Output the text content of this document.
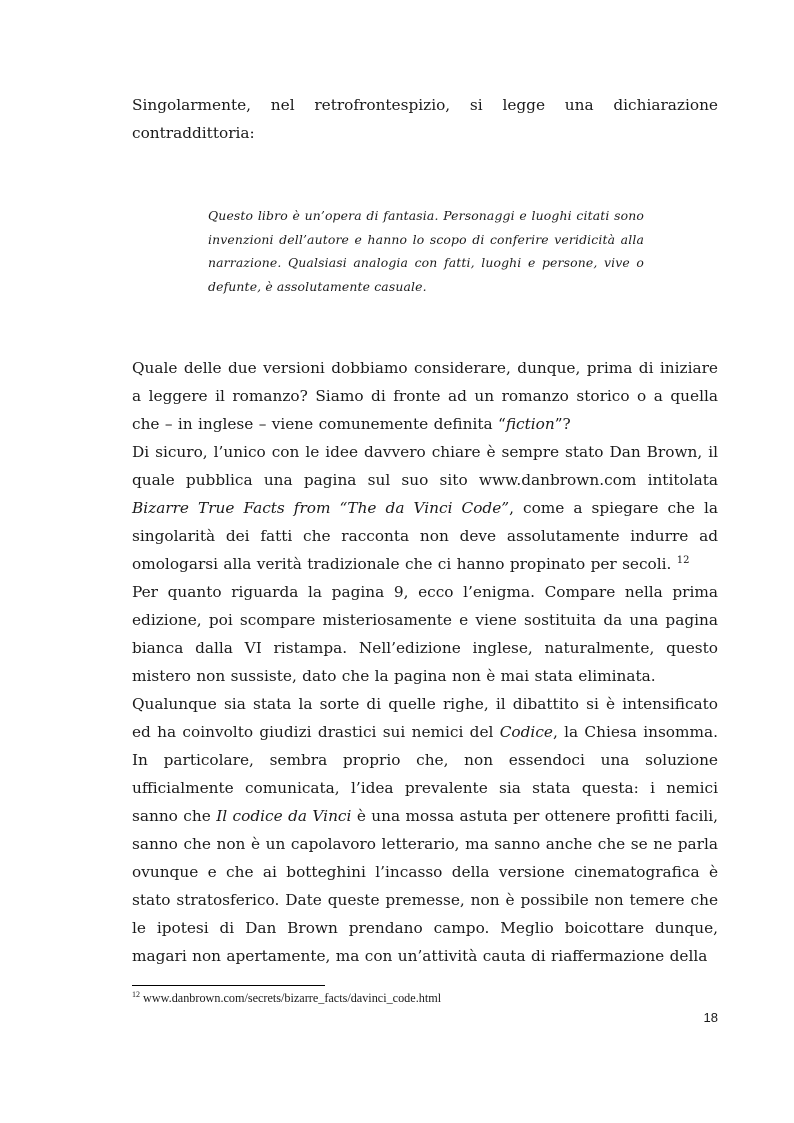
Singolarmente, nel retrofrontespizio, si legge una dichiarazione contraddittoria:
Questo libro è un’opera di fantasia. Personaggi e luoghi citati sono invenzioni dell’autore e hanno lo scopo di conferire veridicità alla narrazione. Qualsiasi analogia con fatti, luoghi e persone, vive o defunte, è assolutamente casuale.

Quale delle due versioni dobbiamo considerare, dunque, prima di iniziare a leggere il romanzo? Siamo di fronte ad un romanzo storico o a quella che – in inglese – viene comunemente definita “fiction”?

Di sicuro, l’unico con le idee davvero chiare è sempre stato Dan Brown, il quale pubblica una pagina sul suo sito www.danbrown.com intitolata Bizarre True Facts from “The da Vinci Code”, come a spiegare che la singolarità dei fatti che racconta non deve assolutamente indurre ad omologarsi alla verità tradizionale che ci hanno propinato per secoli. $^{12}$

Per quanto riguarda la pagina 9, ecco l’enigma. Compare nella prima edizione, poi scompare misteriosamente e viene sostituita da una pagina bianca dalla VI ristampa. Nell’edizione inglese, naturalmente, questo mistero non sussiste, dato che la pagina non è mai stata eliminata.

Qualunque sia stata la sorte di quelle righe, il dibattito si è intensificato ed ha coinvolto giudizi drastici sui nemici del Codice, la Chiesa insomma. In particolare, sembra proprio che, non essendoci una soluzione ufficialmente comunicata, l’idea prevalente sia stata questa: i nemici sanno che Il codice da Vinci è una mossa astuta per ottenere profitti facili, sanno che non è un capolavoro letterario, ma sanno anche che se ne parla ovunque e che ai botteghini l’incasso della versione cinematografica è stato stratosferico. Date queste premesse, non è possibile non temere che le ipotesi di Dan Brown prendano campo. Meglio boicottare dunque, magari non apertamente, ma con un’attività cauta di riaffermazione della

$^{12}$ www.danbrown.com/secrets/bizarre_facts/davinci_code.html
18
